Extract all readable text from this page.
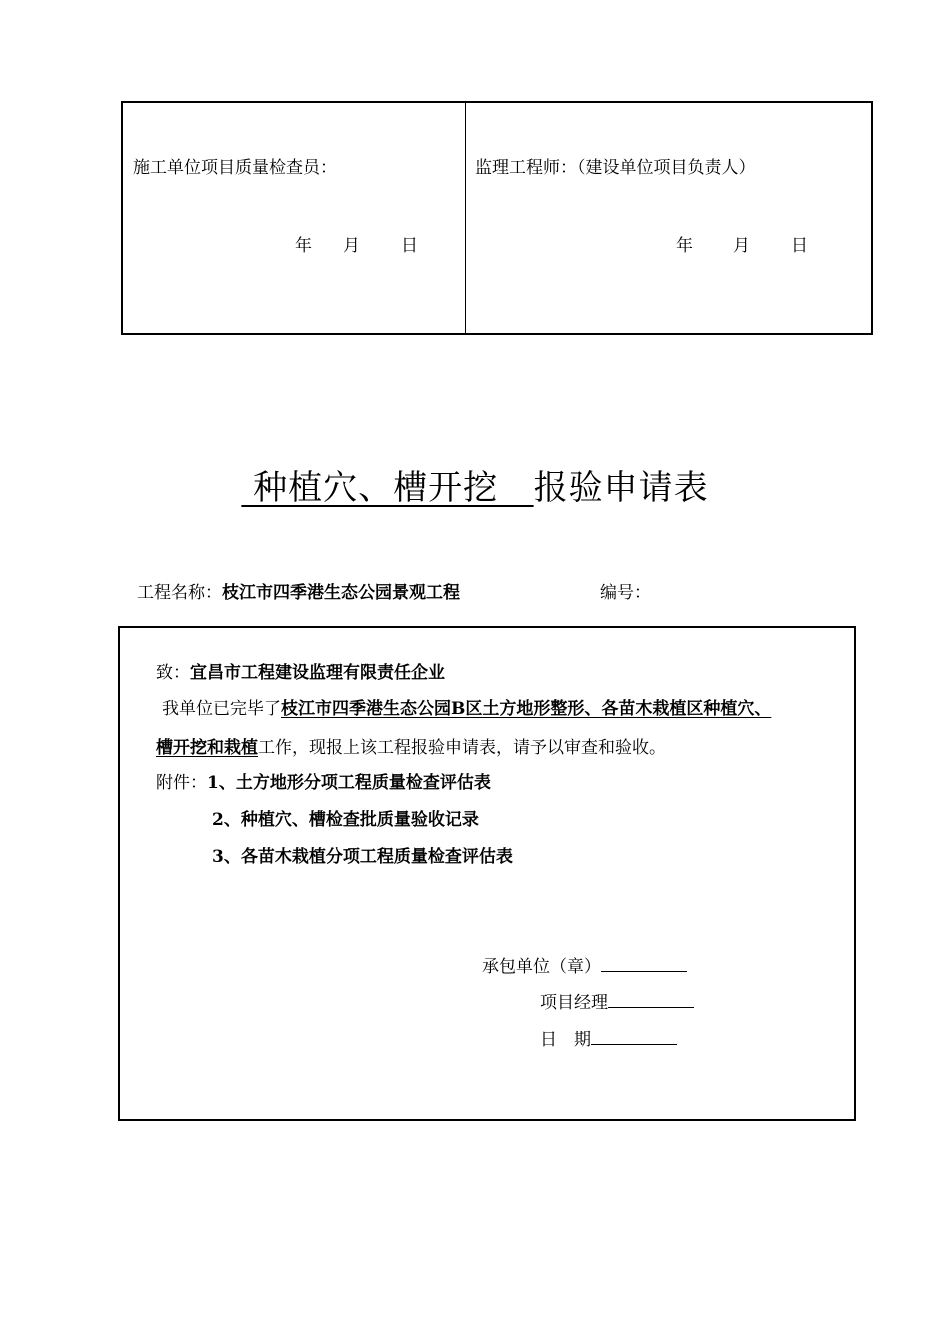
施工单位项目质量检查员：
年 月 日
监理工程师：（建设单位项目负责人）
年 月 日
种植穴、槽开挖   报验申请表
工程名称：枝江市四季港生态公园景观工程	编号：
致：宜昌市工程建设监理有限责任企业
我单位已完毕了枝江市四季港生态公园B区土方地形整形、各苗木栽植区种植穴、
槽开挖和栽植工作，现报上该工程报验申请表，请予以审查和验收。
附件：1、土方地形分项工程质量检查评估表
2、种植穴、槽检查批质量验收记录
3、各苗木栽植分项工程质量检查评估表
承包单位（章）
项目经理
日　期
